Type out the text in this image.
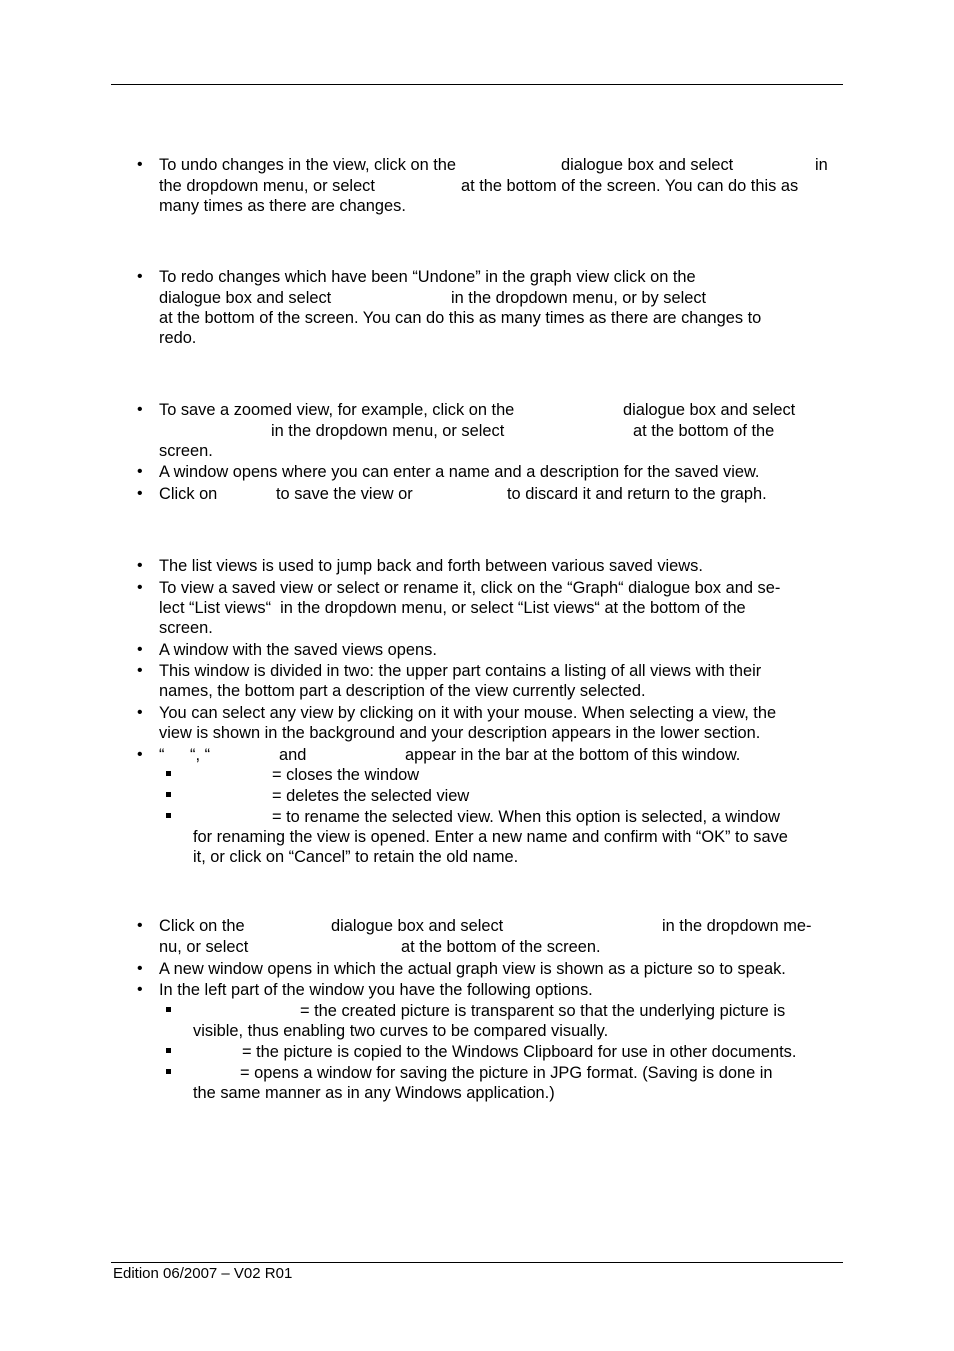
• To undo changes in the view, click on the	dialogue box and select	in
the dropdown menu, or select	at the bottom of the screen. You can do this as
many times as there are changes.
• To redo changes which have been “Undone” in the graph view click on the
dialogue box and select	in the dropdown menu, or by select
at the bottom of the screen. You can do this as many times as there are changes to
redo.
• To save a zoomed view, for example, click on the	dialogue box and select
in the dropdown menu, or select	at the bottom of the
screen.
• A window opens where you can enter a name and a description for the saved view.
• Click on	to save the view or	to discard it and return to the graph.
• The list views is used to jump back and forth between various saved views.
• To view a saved view or select or rename it, click on the “Graph“ dialogue box and se-
lect “List views“  in the dropdown menu, or select “List views“ at the bottom of the
screen.
• A window with the saved views opens.
• This window is divided in two: the upper part contains a listing of all views with their
names, the bottom part a description of the view currently selected.
• You can select any view by clicking on it with your mouse. When selecting a view, the
view is shown in the background and your description appears in the lower section.
• “ “, “	and	appear in the bar at the bottom of this window.
= closes the window
= deletes the selected view
= to rename the selected view. When this option is selected, a window
for renaming the view is opened. Enter a new name and confirm with “OK” to save
it, or click on “Cancel” to retain the old name.
• Click on the	dialogue box and select	in the dropdown me-
nu, or select	at the bottom of the screen.
• A new window opens in which the actual graph view is shown as a picture so to speak.
• In the left part of the window you have the following options.
= the created picture is transparent so that the underlying picture is
visible, thus enabling two curves to be compared visually.
= the picture is copied to the Windows Clipboard for use in other documents.
= opens a window for saving the picture in JPG format. (Saving is done in
the same manner as in any Windows application.)
Edition 06/2007 – V02 R01
